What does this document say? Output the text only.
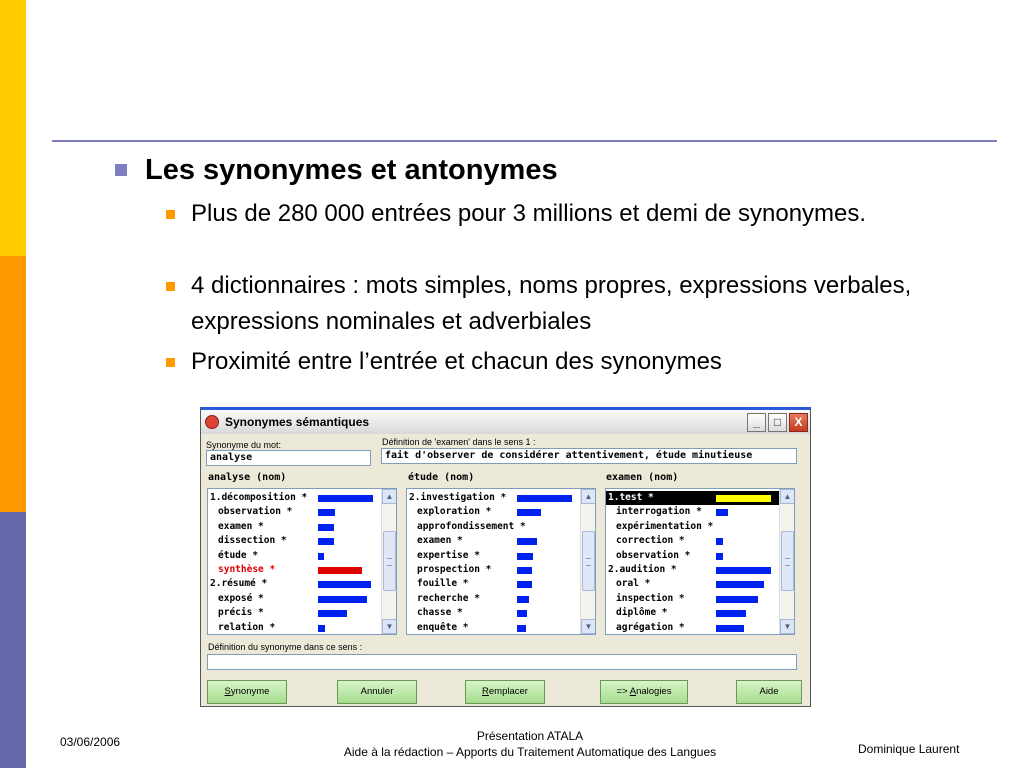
Les synonymes et antonymes
Plus de 280 000 entrées pour 3 millions et demi de synonymes.
4 dictionnaires : mots simples, noms propres, expressions verbales, expressions nominales et adverbiales
Proximité entre l’entrée et chacun des synonymes
Synonymes sémantiques	_	□	X
Synonyme du mot:
analyse
Définition de 'examen' dans le sens 1 :
fait d'observer de considérer attentivement, étude minutieuse
analyse (nom)	étude (nom)	examen (nom)
1.décomposition *
observation *
examen *
dissection *
étude *
synthèse *
2.résumé *
exposé *
précis *
relation *
▲
▼
2.investigation *
exploration *
approfondissement *
examen *
expertise *
prospection *
fouille *
recherche *
chasse *
enquête *
▲
▼
1.test *
interrogation *
expérimentation *
correction *
observation *
2.audition *
oral *
inspection *
diplôme *
agrégation *
▲
▼
Définition du synonyme dans ce sens :
Synonyme	Annuler	Remplacer	=> Analogies	Aide
03/06/2006	Présentation ATALA
Aide à la rédaction – Apports du Traitement Automatique des Langues	Dominique Laurent
